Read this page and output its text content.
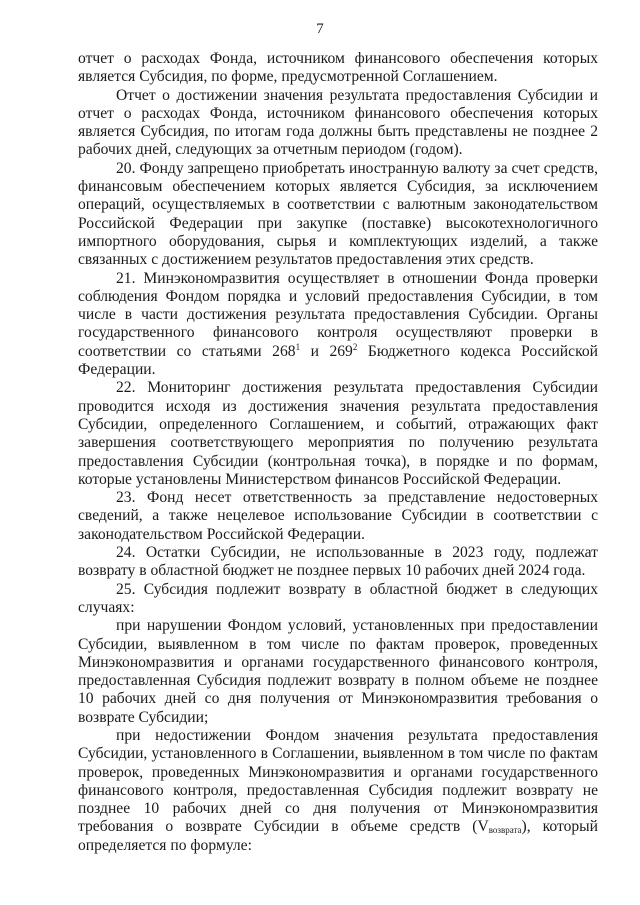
7

отчет о расходах Фонда, источником финансового обеспечения которых является Субсидия, по форме, предусмотренной Соглашением.

Отчет о достижении значения результата предоставления Субсидии и отчет о расходах Фонда, источником финансового обеспечения которых является Субсидия, по итогам года должны быть представлены не позднее 2 рабочих дней, следующих за отчетным периодом (годом).

20. Фонду запрещено приобретать иностранную валюту за счет средств, финансовым обеспечением которых является Субсидия, за исключением операций, осуществляемых в соответствии с валютным законодательством Российской Федерации при закупке (поставке) высокотехнологичного импортного оборудования, сырья и комплектующих изделий, а также связанных с достижением результатов предоставления этих средств.

21. Минэкономразвития осуществляет в отношении Фонда проверки соблюдения Фондом порядка и условий предоставления Субсидии, в том числе в части достижения результата предоставления Субсидии. Органы государственного финансового контроля осуществляют проверки в соответствии со статьями $268^1$ и $269^2$ Бюджетного кодекса Российской Федерации.

22. Мониторинг достижения результата предоставления Субсидии проводится исходя из достижения значения результата предоставления Субсидии, определенного Соглашением, и событий, отражающих факт завершения соответствующего мероприятия по получению результата предоставления Субсидии (контрольная точка), в порядке и по формам, которые установлены Министерством финансов Российской Федерации.

23. Фонд несет ответственность за представление недостоверных сведений, а также нецелевое использование Субсидии в соответствии с законодательством Российской Федерации.

24. Остатки Субсидии, не использованные в 2023 году, подлежат возврату в областной бюджет не позднее первых 10 рабочих дней 2024 года.

25. Субсидия подлежит возврату в областной бюджет в следующих случаях:

при нарушении Фондом условий, установленных при предоставлении Субсидии, выявленном в том числе по фактам проверок, проведенных Минэкономразвития и органами государственного финансового контроля, предоставленная Субсидия подлежит возврату в полном объеме не позднее 10 рабочих дней со дня получения от Минэкономразвития требования о возврате Субсидии;

при недостижении Фондом значения результата предоставления Субсидии, установленного в Соглашении, выявленном в том числе по фактам проверок, проведенных Минэкономразвития и органами государственного финансового контроля, предоставленная Субсидия подлежит возврату не позднее 10 рабочих дней со дня получения от Минэкономразвития требования о возврате Субсидии в объеме средств $(V_{возврата})$, который определяется по формуле:
